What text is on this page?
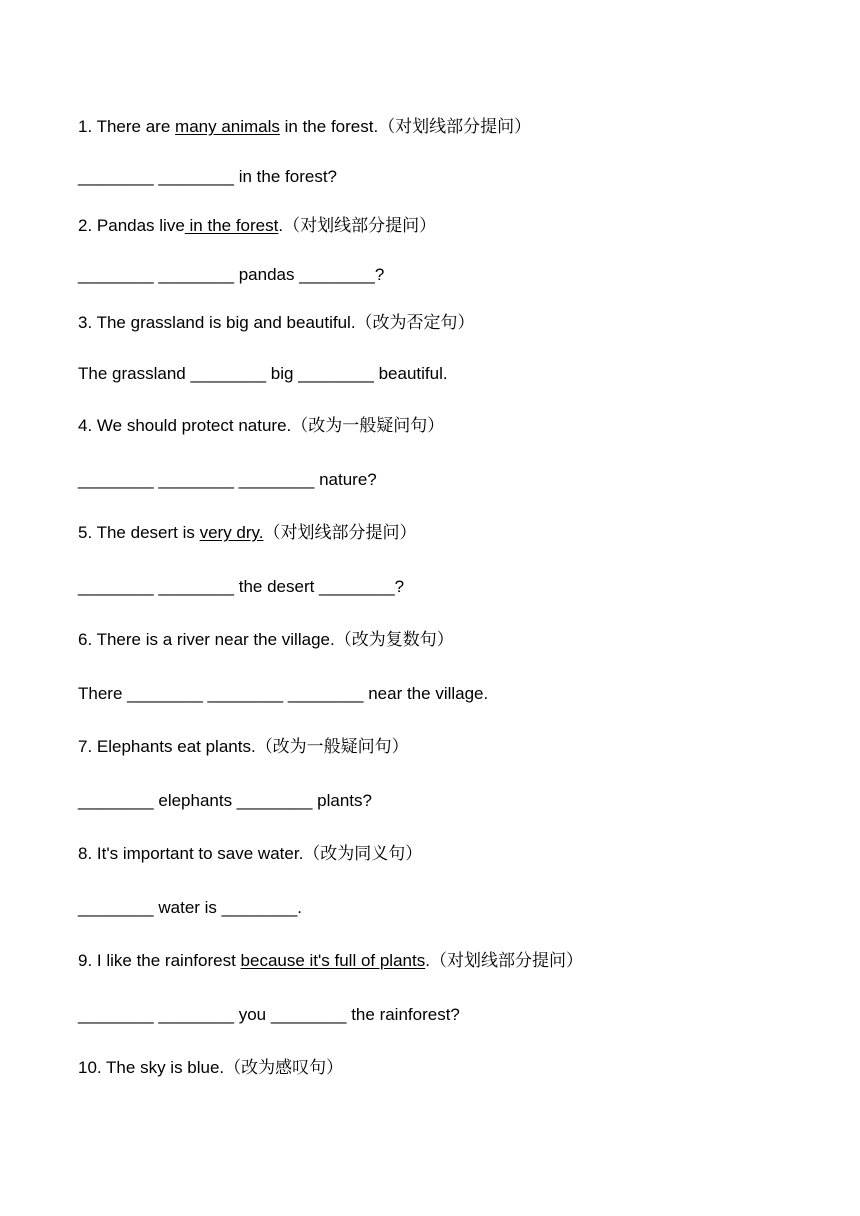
1. There are many animals in the forest.（对划线部分提问）
________ ________ in the forest?
2. Pandas live in the forest.（对划线部分提问）
________ ________ pandas ________?
3. The grassland is big and beautiful.（改为否定句）
The grassland ________ big ________ beautiful.
4. We should protect nature.（改为一般疑问句）
________ ________ ________ nature?
5. The desert is very dry.（对划线部分提问）
________ ________ the desert ________?
6. There is a river near the village.（改为复数句）
There ________ ________ ________ near the village.
7. Elephants eat plants.（改为一般疑问句）
________ elephants ________ plants?
8. It's important to save water.（改为同义句）
________ water is ________.
9. I like the rainforest because it's full of plants.（对划线部分提问）
________ ________ you ________ the rainforest?
10. The sky is blue.（改为感叹句）
